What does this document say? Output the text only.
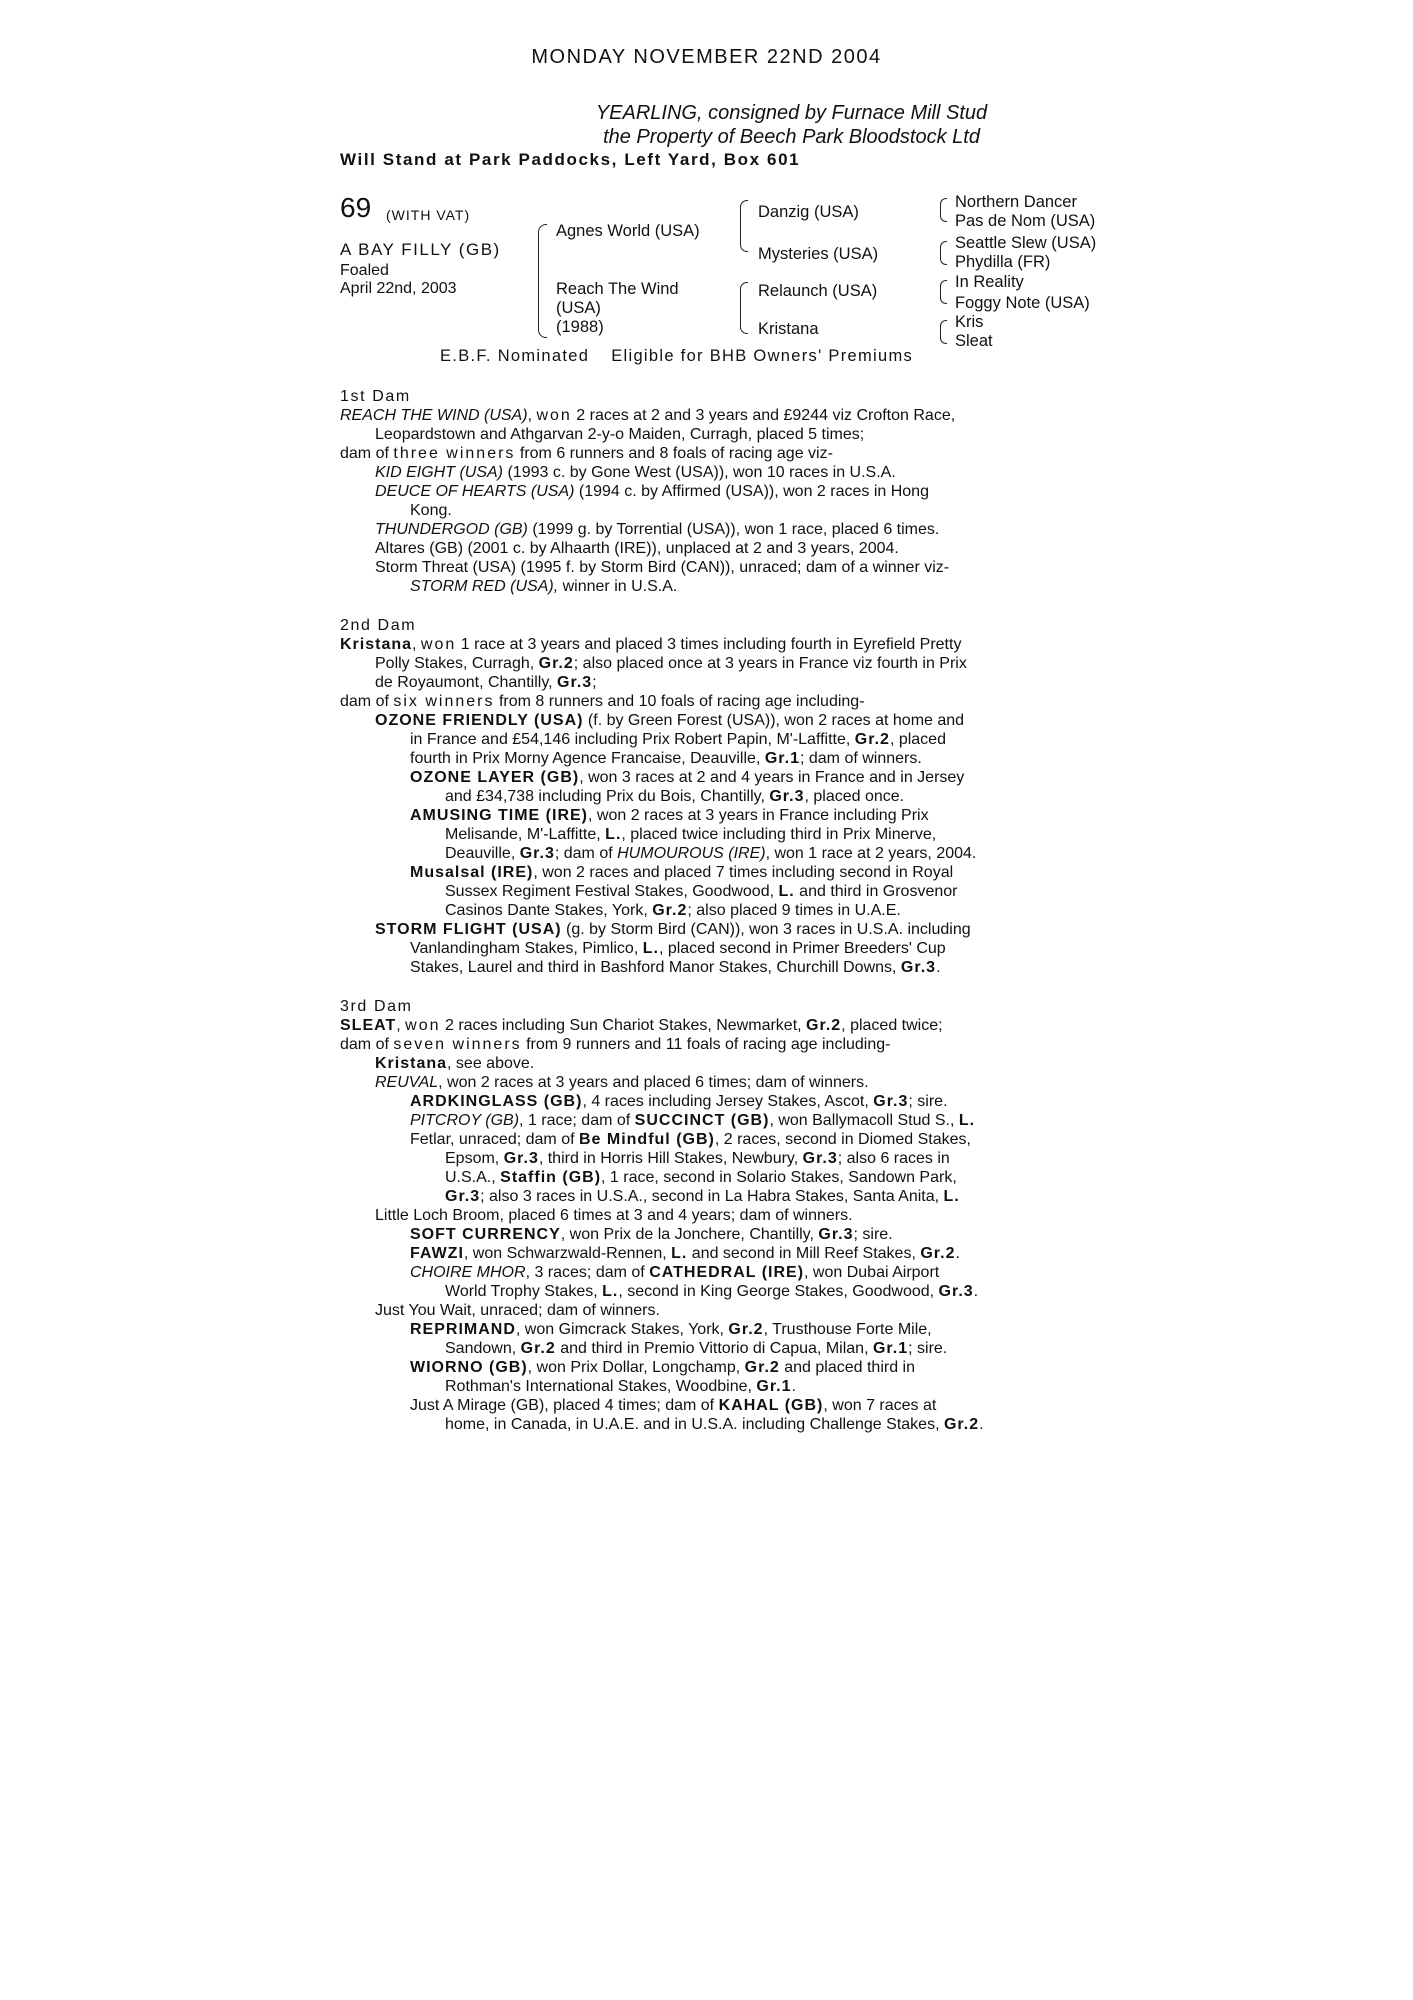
MONDAY NOVEMBER 22ND 2004
YEARLING, consigned by Furnace Mill Stud
the Property of Beech Park Bloodstock Ltd
Will Stand at Park Paddocks, Left Yard, Box 601
69 (WITH VAT)
A BAY FILLY (GB)
Foaled
April 22nd, 2003
Agnes World (USA)
Reach The Wind
(USA)
(1988)
Danzig (USA)
Mysteries (USA)
Relaunch (USA)
Kristana
Northern Dancer
Pas de Nom (USA)
Seattle Slew (USA)
Phydilla (FR)
In Reality
Foggy Note (USA)
Kris
Sleat
E.B.F. Nominated Eligible for BHB Owners' Premiums
1st Dam
REACH THE WIND (USA), won 2 races at 2 and 3 years and £9244 viz Crofton Race,
Leopardstown and Athgarvan 2-y-o Maiden, Curragh, placed 5 times;
dam of three winners from 6 runners and 8 foals of racing age viz-
KID EIGHT (USA) (1993 c. by Gone West (USA)), won 10 races in U.S.A.
DEUCE OF HEARTS (USA) (1994 c. by Affirmed (USA)), won 2 races in Hong
Kong.
THUNDERGOD (GB) (1999 g. by Torrential (USA)), won 1 race, placed 6 times.
Altares (GB) (2001 c. by Alhaarth (IRE)), unplaced at 2 and 3 years, 2004.
Storm Threat (USA) (1995 f. by Storm Bird (CAN)), unraced; dam of a winner viz-
STORM RED (USA), winner in U.S.A.
2nd Dam
Kristana, won 1 race at 3 years and placed 3 times including fourth in Eyrefield Pretty
Polly Stakes, Curragh, Gr.2; also placed once at 3 years in France viz fourth in Prix
de Royaumont, Chantilly, Gr.3;
dam of six winners from 8 runners and 10 foals of racing age including-
OZONE FRIENDLY (USA) (f. by Green Forest (USA)), won 2 races at home and
in France and £54,146 including Prix Robert Papin, M'-Laffitte, Gr.2, placed
fourth in Prix Morny Agence Francaise, Deauville, Gr.1; dam of winners.
OZONE LAYER (GB), won 3 races at 2 and 4 years in France and in Jersey
and £34,738 including Prix du Bois, Chantilly, Gr.3, placed once.
AMUSING TIME (IRE), won 2 races at 3 years in France including Prix
Melisande, M'-Laffitte, L., placed twice including third in Prix Minerve,
Deauville, Gr.3; dam of HUMOUROUS (IRE), won 1 race at 2 years, 2004.
Musalsal (IRE), won 2 races and placed 7 times including second in Royal
Sussex Regiment Festival Stakes, Goodwood, L. and third in Grosvenor
Casinos Dante Stakes, York, Gr.2; also placed 9 times in U.A.E.
STORM FLIGHT (USA) (g. by Storm Bird (CAN)), won 3 races in U.S.A. including
Vanlandingham Stakes, Pimlico, L., placed second in Primer Breeders' Cup
Stakes, Laurel and third in Bashford Manor Stakes, Churchill Downs, Gr.3.
3rd Dam
SLEAT, won 2 races including Sun Chariot Stakes, Newmarket, Gr.2, placed twice;
dam of seven winners from 9 runners and 11 foals of racing age including-
Kristana, see above.
REUVAL, won 2 races at 3 years and placed 6 times; dam of winners.
ARDKINGLASS (GB), 4 races including Jersey Stakes, Ascot, Gr.3; sire.
PITCROY (GB), 1 race; dam of SUCCINCT (GB), won Ballymacoll Stud S., L.
Fetlar, unraced; dam of Be Mindful (GB), 2 races, second in Diomed Stakes,
Epsom, Gr.3, third in Horris Hill Stakes, Newbury, Gr.3; also 6 races in
U.S.A., Staffin (GB), 1 race, second in Solario Stakes, Sandown Park,
Gr.3; also 3 races in U.S.A., second in La Habra Stakes, Santa Anita, L.
Little Loch Broom, placed 6 times at 3 and 4 years; dam of winners.
SOFT CURRENCY, won Prix de la Jonchere, Chantilly, Gr.3; sire.
FAWZI, won Schwarzwald-Rennen, L. and second in Mill Reef Stakes, Gr.2.
CHOIRE MHOR, 3 races; dam of CATHEDRAL (IRE), won Dubai Airport
World Trophy Stakes, L., second in King George Stakes, Goodwood, Gr.3.
Just You Wait, unraced; dam of winners.
REPRIMAND, won Gimcrack Stakes, York, Gr.2, Trusthouse Forte Mile,
Sandown, Gr.2 and third in Premio Vittorio di Capua, Milan, Gr.1; sire.
WIORNO (GB), won Prix Dollar, Longchamp, Gr.2 and placed third in
Rothman's International Stakes, Woodbine, Gr.1.
Just A Mirage (GB), placed 4 times; dam of KAHAL (GB), won 7 races at
home, in Canada, in U.A.E. and in U.S.A. including Challenge Stakes, Gr.2.
